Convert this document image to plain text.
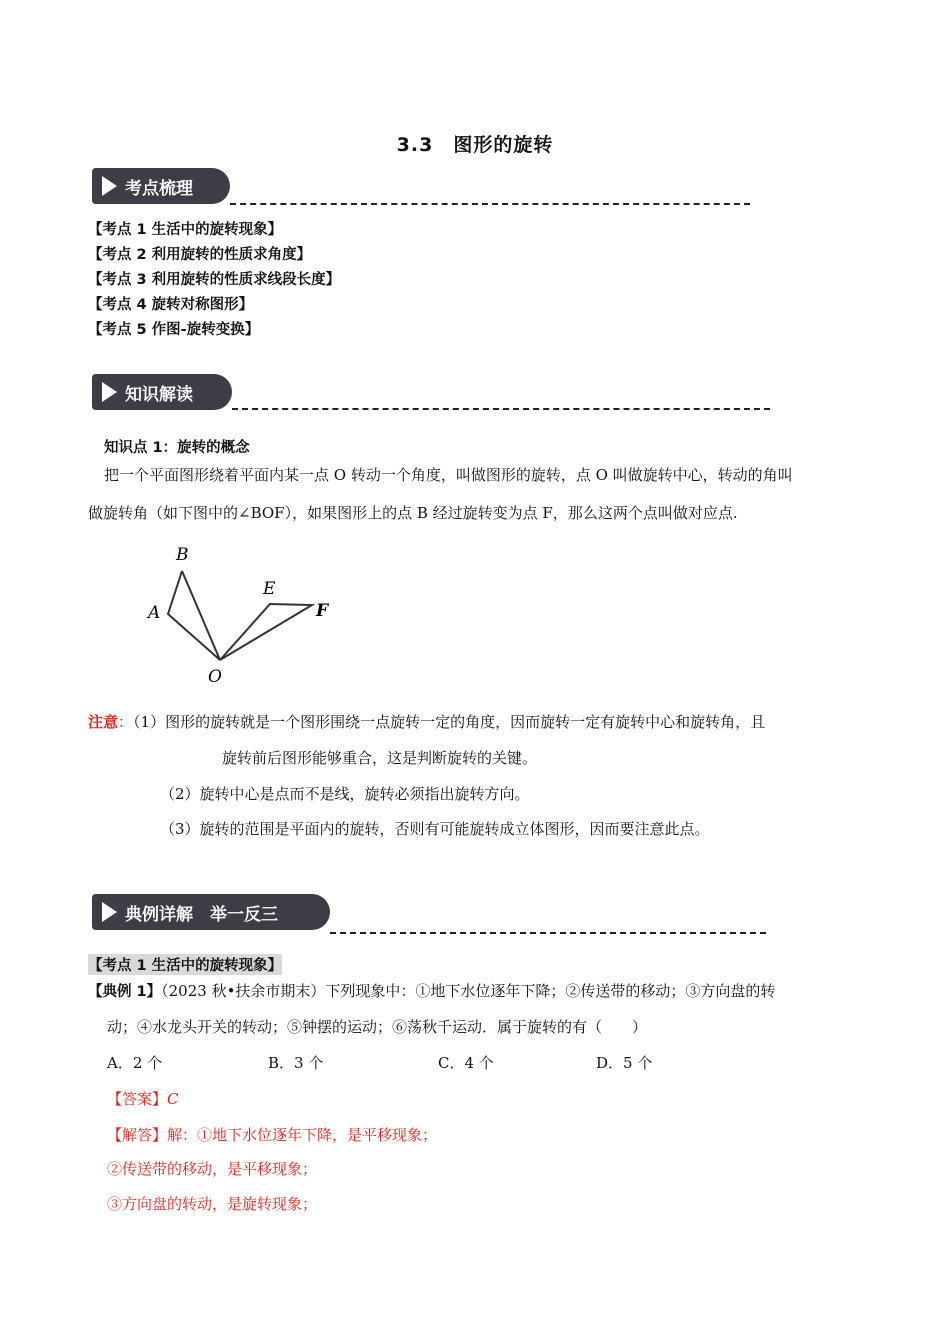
3.3　图形的旋转
考点梳理
【考点 1 生活中的旋转现象】
【考点 2 利用旋转的性质求角度】
【考点 3 利用旋转的性质求线段长度】
【考点 4 旋转对称图形】
【考点 5 作图-旋转变换】
知识解读
知识点 1：旋转的概念
把一个平面图形绕着平面内某一点 O 转动一个角度，叫做图形的旋转，点 O 叫做旋转中心，转动的角叫
做旋转角（如下图中的∠BOF），如果图形上的点 B 经过旋转变为点 F，那么这两个点叫做对应点.
B
A
E
F
O
注意：（1）图形的旋转就是一个图形围绕一点旋转一定的角度，因而旋转一定有旋转中心和旋转角，且
旋转前后图形能够重合，这是判断旋转的关键。
（2）旋转中心是点而不是线，旋转必须指出旋转方向。
（3）旋转的范围是平面内的旋转，否则有可能旋转成立体图形，因而要注意此点。
典例详解　举一反三
【考点 1 生活中的旋转现象】
【典例 1】（2023 秋•扶余市期末）下列现象中：①地下水位逐年下降；②传送带的移动；③方向盘的转
动；④水龙头开关的转动；⑤钟摆的运动；⑥荡秋千运动．属于旋转的有（　　）
A．2 个	B．3 个	C．4 个	D．5 个
【答案】C
【解答】解：①地下水位逐年下降，是平移现象；
②传送带的移动，是平移现象；
③方向盘的转动，是旋转现象；
